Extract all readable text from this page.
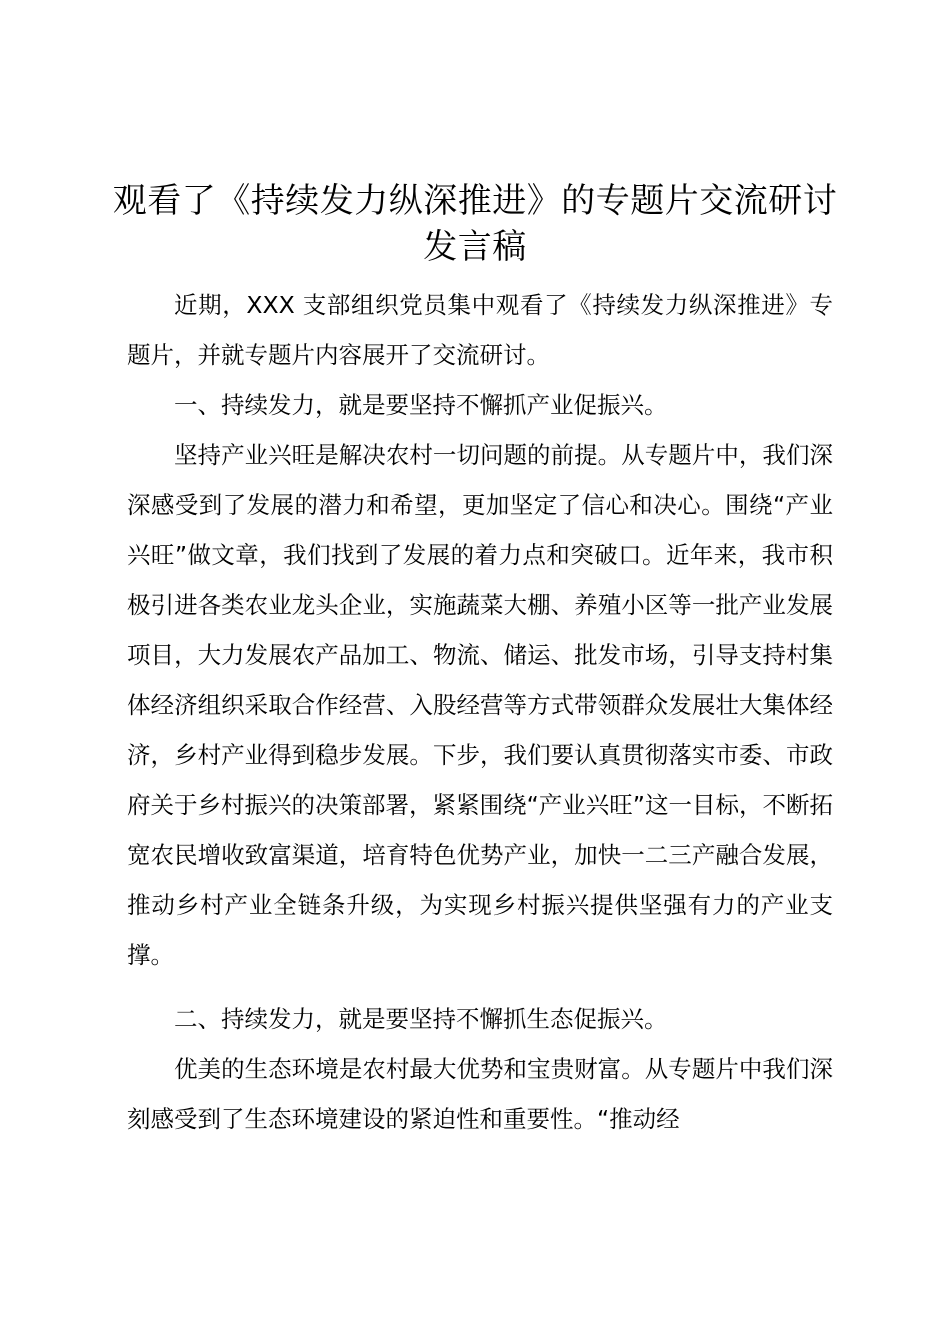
观看了《持续发力纵深推进》的专题片交流研讨发言稿

近期，XXX 支部组织党员集中观看了《持续发力纵深推进》专题片，并就专题片内容展开了交流研讨。

一、持续发力，就是要坚持不懈抓产业促振兴。

坚持产业兴旺是解决农村一切问题的前提。从专题片中，我们深深感受到了发展的潜力和希望，更加坚定了信心和决心。围绕“产业兴旺”做文章，我们找到了发展的着力点和突破口。近年来，我市积极引进各类农业龙头企业，实施蔬菜大棚、养殖小区等一批产业发展项目，大力发展农产品加工、物流、储运、批发市场，引导支持村集体经济组织采取合作经营、入股经营等方式带领群众发展壮大集体经济，乡村产业得到稳步发展。下步，我们要认真贯彻落实市委、市政府关于乡村振兴的决策部署，紧紧围绕“产业兴旺”这一目标，不断拓宽农民增收致富渠道，培育特色优势产业，加快一二三产融合发展，推动乡村产业全链条升级，为实现乡村振兴提供坚强有力的产业支撑。

二、持续发力，就是要坚持不懈抓生态促振兴。

优美的生态环境是农村最大优势和宝贵财富。从专题片中我们深刻感受到了生态环境建设的紧迫性和重要性。“推动经
